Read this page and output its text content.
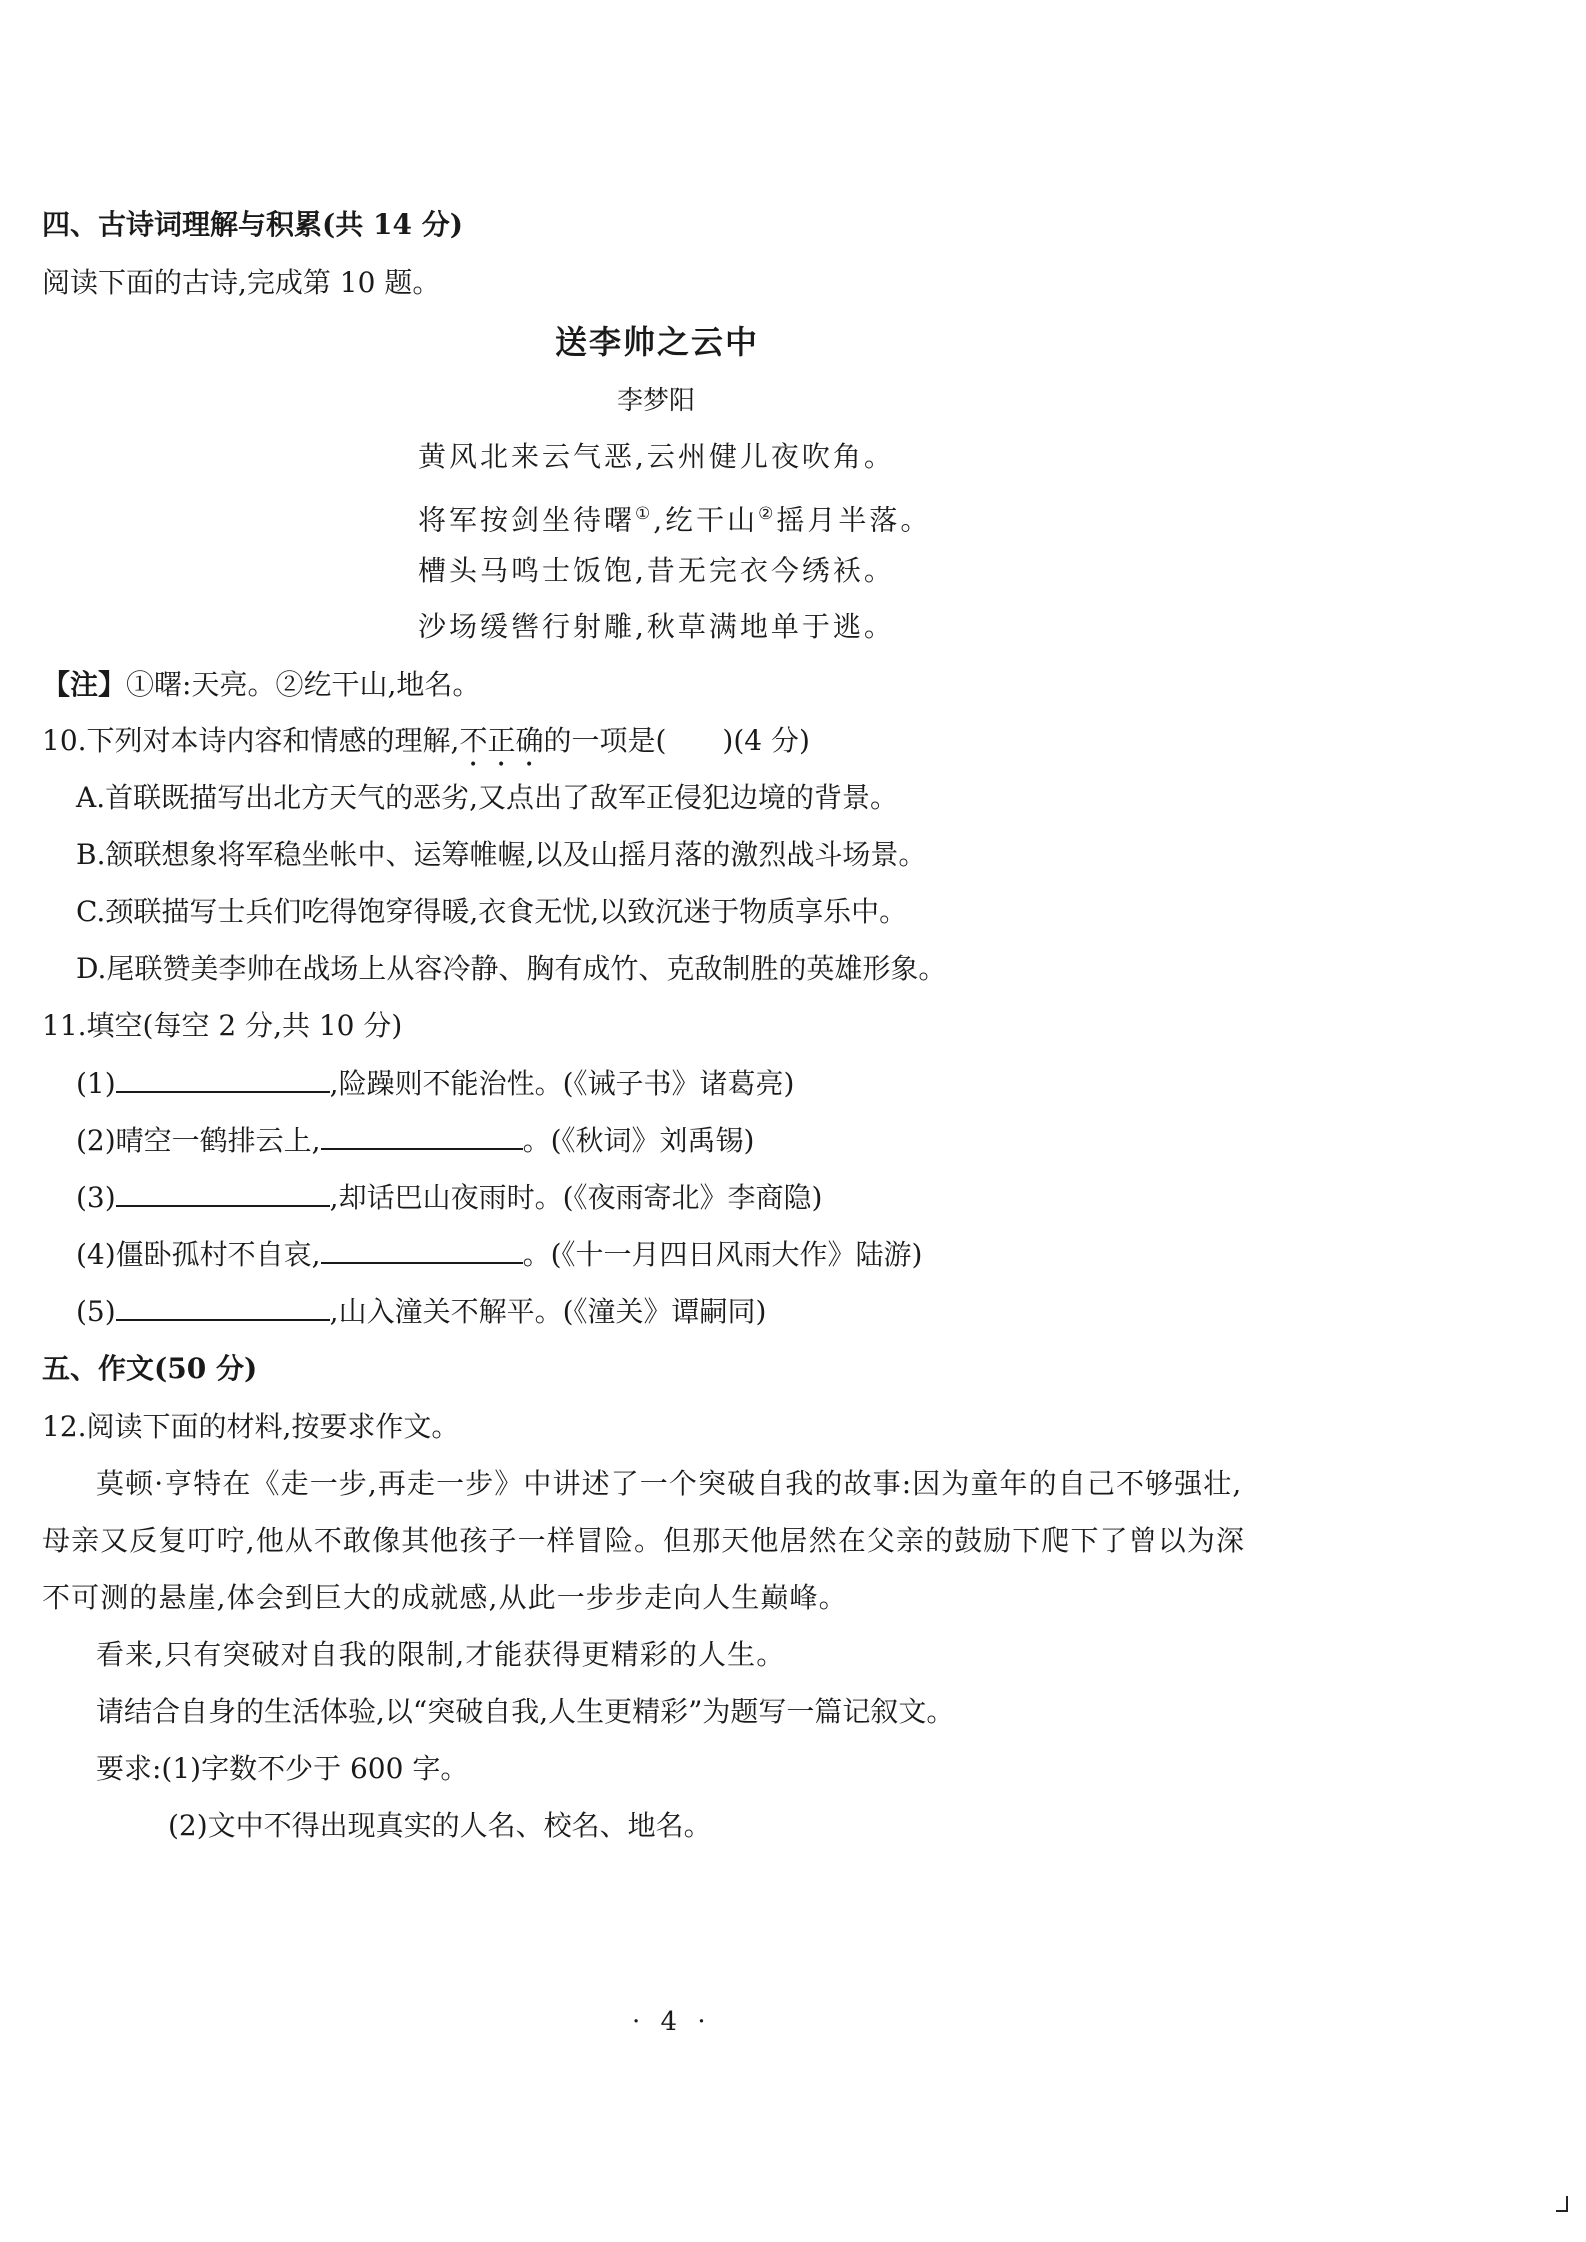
四、古诗词理解与积累(共 14 分)
阅读下面的古诗,完成第 10 题。
送李帅之云中
李梦阳
黄风北来云气恶,云州健儿夜吹角。
将军按剑坐待曙①,纥干山②摇月半落。
槽头马鸣士饭饱,昔无完衣今绣袄。
沙场缓辔行射雕,秋草满地单于逃。
【注】①曙:天亮。②纥干山,地名。
10.下列对本诗内容和情感的理解,不正确的一项是( )(4 分)
A.首联既描写出北方天气的恶劣,又点出了敌军正侵犯边境的背景。
B.颔联想象将军稳坐帐中、运筹帷幄,以及山摇月落的激烈战斗场景。
C.颈联描写士兵们吃得饱穿得暖,衣食无忧,以致沉迷于物质享乐中。
D.尾联赞美李帅在战场上从容冷静、胸有成竹、克敌制胜的英雄形象。
11.填空(每空 2 分,共 10 分)
(1)	,险躁则不能治性。(《诫子书》诸葛亮)
(2)晴空一鹤排云上,	。(《秋词》刘禹锡)
(3)	,却话巴山夜雨时。(《夜雨寄北》李商隐)
(4)僵卧孤村不自哀,	。(《十一月四日风雨大作》陆游)
(5)	,山入潼关不解平。(《潼关》谭嗣同)
五、作文(50 分)
12.阅读下面的材料,按要求作文。
莫顿·亨特在《走一步,再走一步》中讲述了一个突破自我的故事:因为童年的自己不够强壮,
母亲又反复叮咛,他从不敢像其他孩子一样冒险。但那天他居然在父亲的鼓励下爬下了曾以为深
不可测的悬崖,体会到巨大的成就感,从此一步步走向人生巅峰。
看来,只有突破对自我的限制,才能获得更精彩的人生。
请结合自身的生活体验,以“突破自我,人生更精彩”为题写一篇记叙文。
要求:(1)字数不少于 600 字。
(2)文中不得出现真实的人名、校名、地名。
· 4 ·
